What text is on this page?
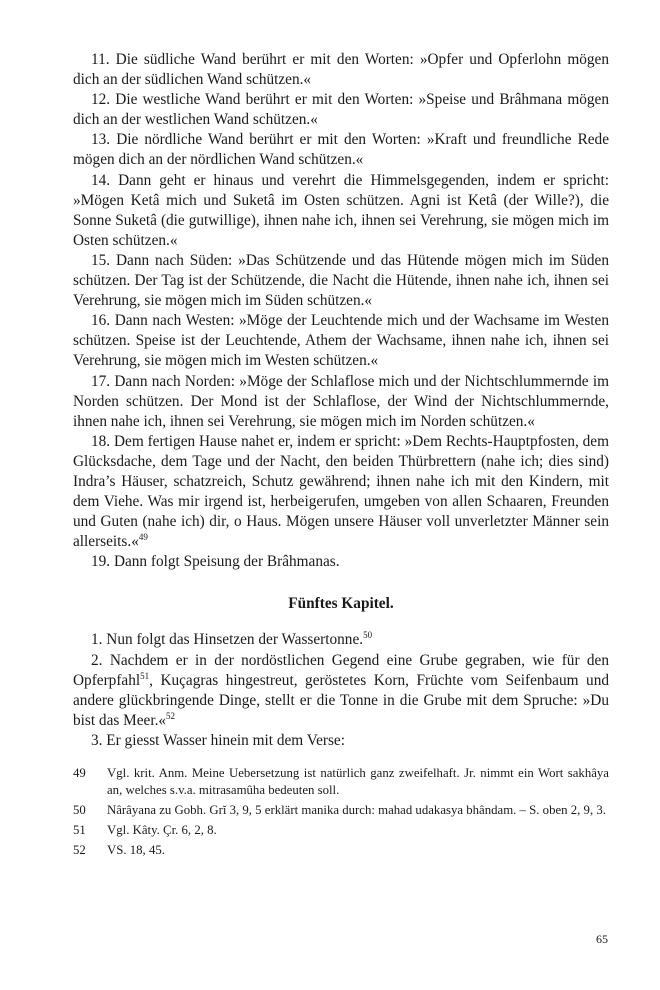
11. Die südliche Wand berührt er mit den Worten: »Opfer und Opferlohn mögen dich an der südlichen Wand schützen.«

12. Die westliche Wand berührt er mit den Worten: »Speise und Brâhmana mögen dich an der westlichen Wand schützen.«

13. Die nördliche Wand berührt er mit den Worten: »Kraft und freundliche Rede mögen dich an der nördlichen Wand schützen.«

14. Dann geht er hinaus und verehrt die Himmelsgegenden, indem er spricht: »Mögen Ketâ mich und Suketâ im Osten schützen. Agni ist Ketâ (der Wille?), die Sonne Suketâ (die gutwillige), ihnen nahe ich, ihnen sei Verehrung, sie mögen mich im Osten schützen.«

15. Dann nach Süden: »Das Schützende und das Hütende mögen mich im Süden schützen. Der Tag ist der Schützende, die Nacht die Hütende, ihnen nahe ich, ihnen sei Verehrung, sie mögen mich im Süden schützen.«

16. Dann nach Westen: »Möge der Leuchtende mich und der Wachsame im Westen schützen. Speise ist der Leuchtende, Athem der Wachsame, ihnen nahe ich, ihnen sei Verehrung, sie mögen mich im Westen schützen.«

17. Dann nach Norden: »Möge der Schlaflose mich und der Nichtschlummernde im Norden schützen. Der Mond ist der Schlaflose, der Wind der Nichtschlummernde, ihnen nahe ich, ihnen sei Verehrung, sie mögen mich im Norden schützen.«

18. Dem fertigen Hause nahet er, indem er spricht: »Dem Rechts-Hauptpfosten, dem Glücksdache, dem Tage und der Nacht, den beiden Thürbrettern (nahe ich; dies sind) Indra’s Häuser, schatzreich, Schutz gewährend; ihnen nahe ich mit den Kindern, mit dem Viehe. Was mir irgend ist, herbeigerufen, umgeben von allen Schaaren, Freunden und Guten (nahe ich) dir, o Haus. Mögen unsere Häuser voll unverletzter Männer sein allerseits.«$^{49}$

19. Dann folgt Speisung der Brâhmanas.

Fünftes Kapitel.

1. Nun folgt das Hinsetzen der Wassertonne.$^{50}$

2. Nachdem er in der nordöstlichen Gegend eine Grube gegraben, wie für den Opferpfahl$^{51}$, Kuçagras hingestreut, geröstetes Korn, Früchte vom Seifenbaum und andere glückbringende Dinge, stellt er die Tonne in die Grube mit dem Spruche: »Du bist das Meer.«$^{52}$

3. Er giesst Wasser hinein mit dem Verse:

49	Vgl. krit. Anm. Meine Uebersetzung ist natürlich ganz zweifelhaft. Jr. nimmt ein Wort sakhâya an, welches s.v.a. mitrasamûha bedeuten soll.
50	Nârâyana zu Gobh. Grĭ 3, 9, 5 erklärt manika durch: mahad udakasya bhândam. – S. oben 2, 9, 3.
51	Vgl. Kâty. Çr. 6, 2, 8.
52	VS. 18, 45.
65
